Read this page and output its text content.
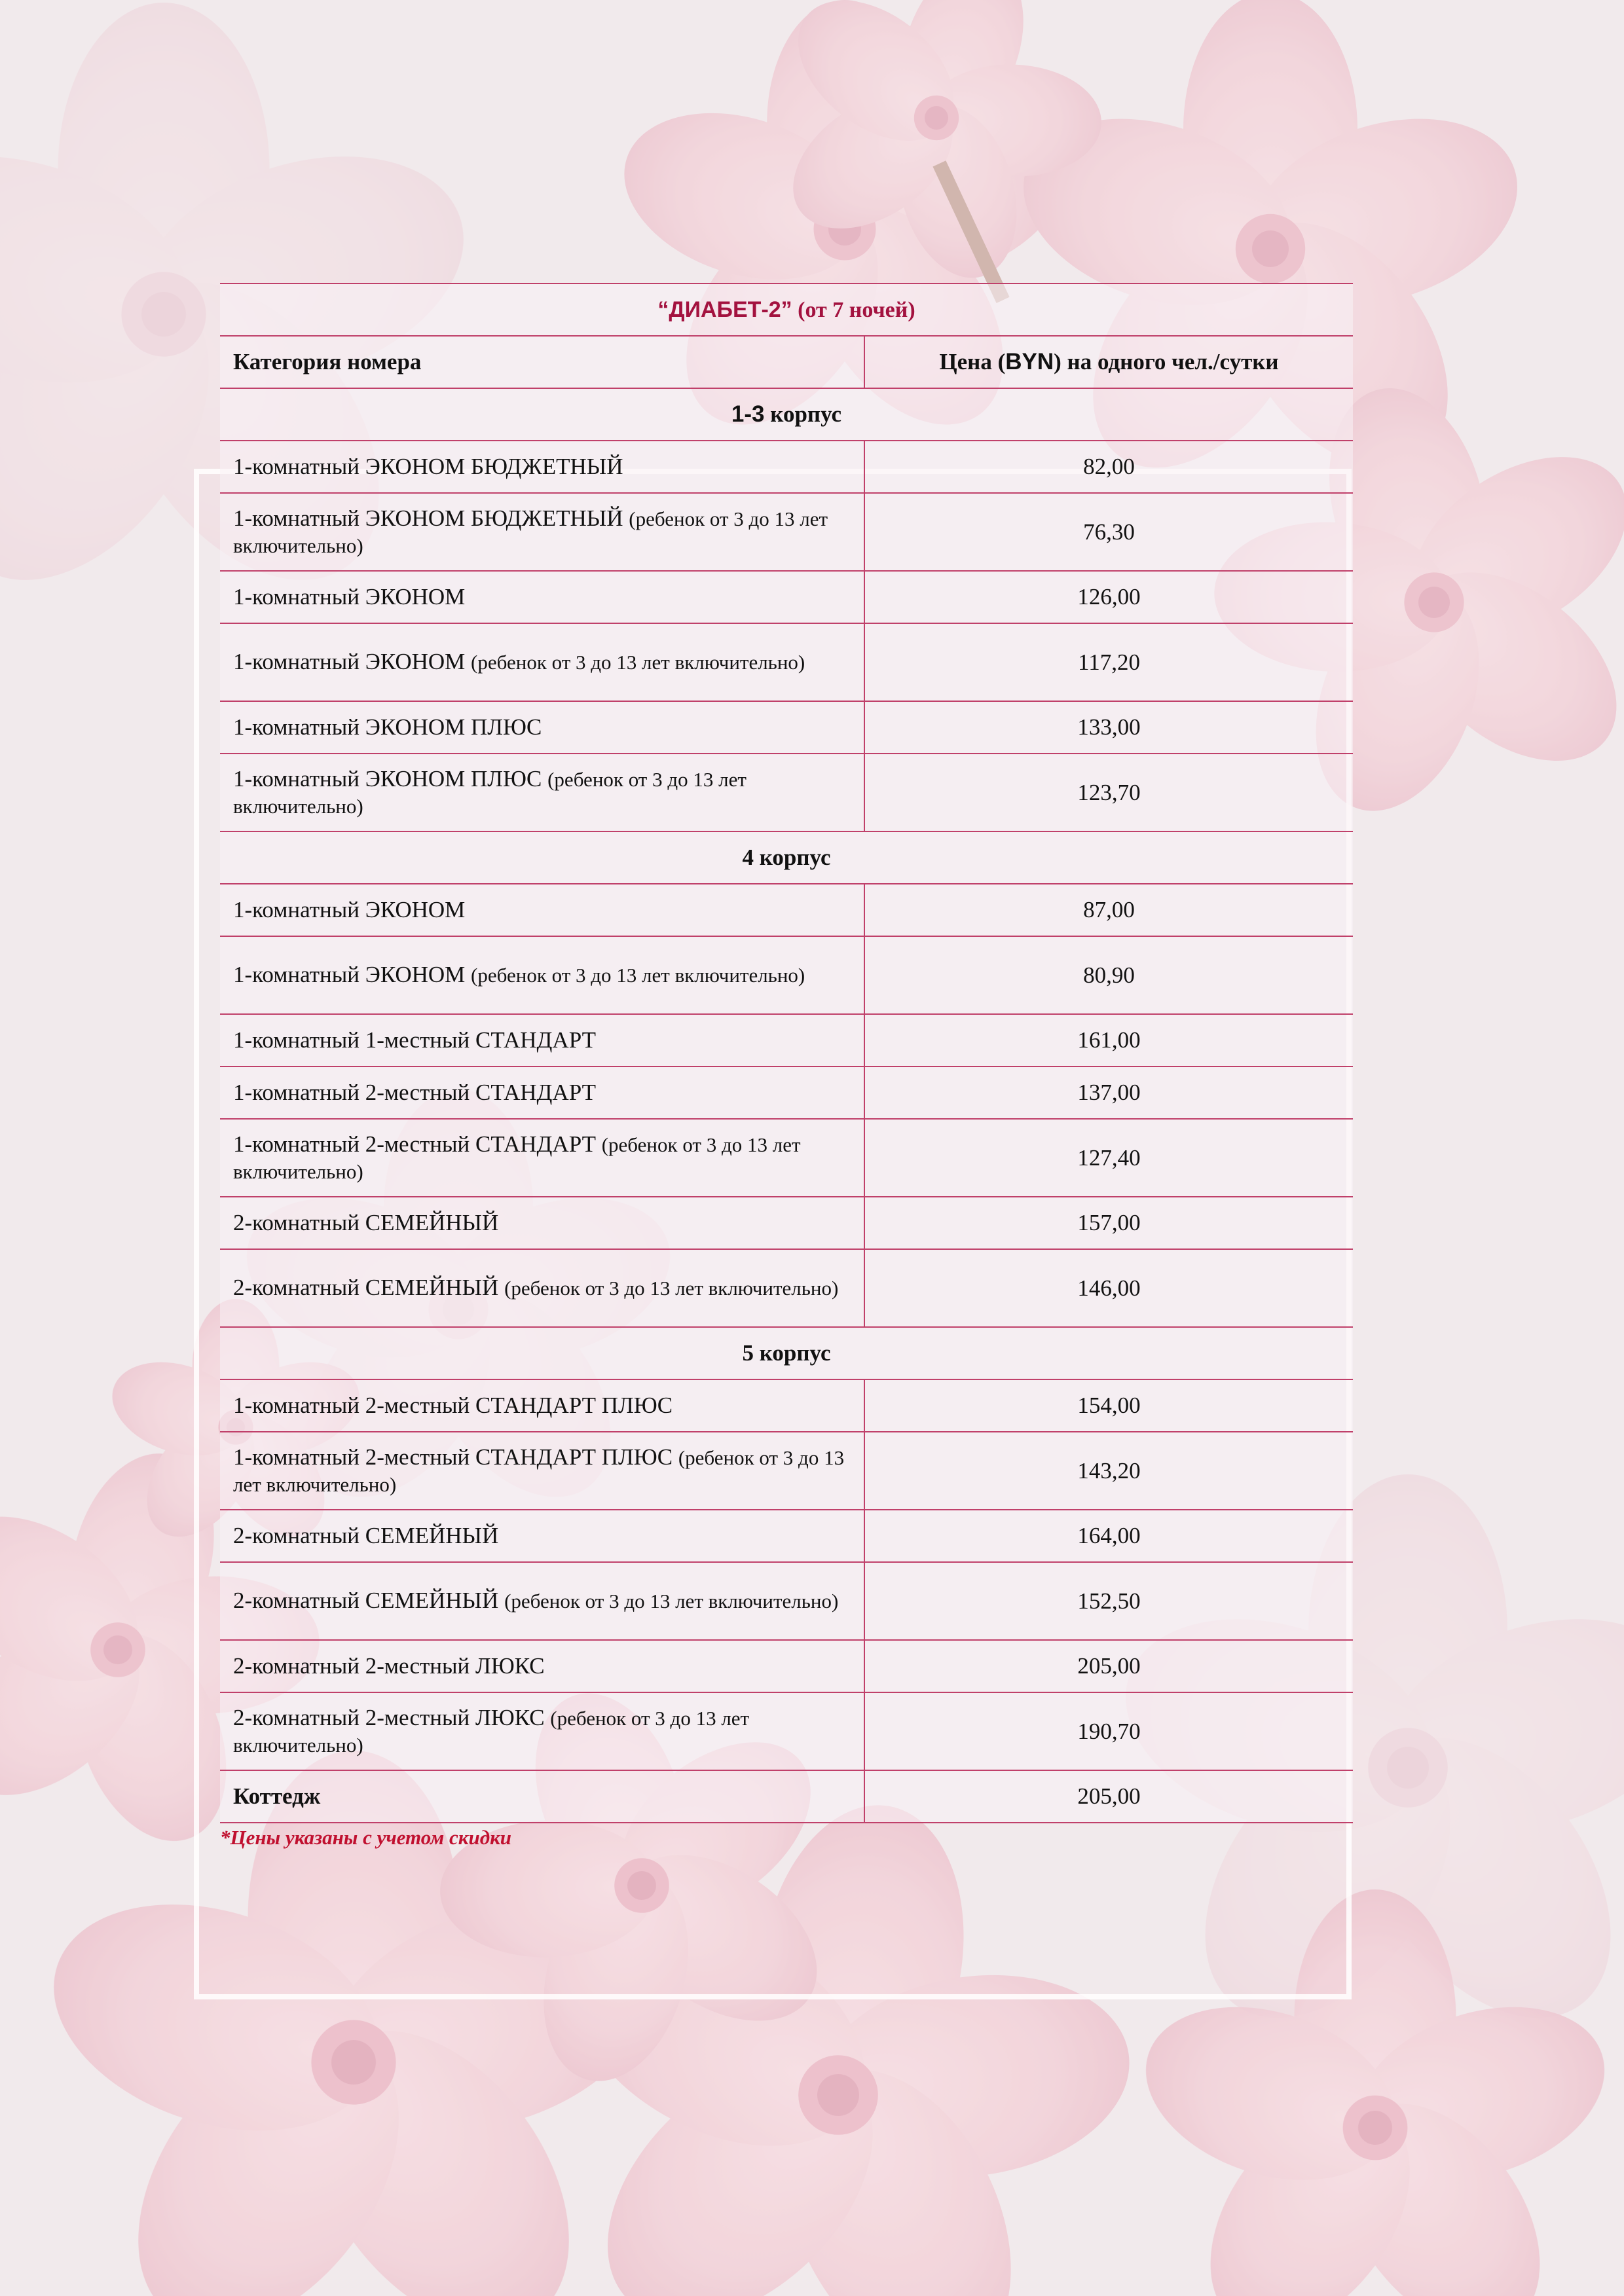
“ДИАБЕТ-2” (от 7 ночей)	
Категория номера	Цена (BYN) на одного чел./сутки
1-3 корпус	
1-комнатный ЭКОНОМ БЮДЖЕТНЫЙ	82,00
1-комнатный ЭКОНОМ БЮДЖЕТНЫЙ (ребенок от 3 до 13 лет включительно)	76,30
1-комнатный ЭКОНОМ	126,00
1-комнатный ЭКОНОМ (ребенок от 3 до 13 лет включительно)	117,20
1-комнатный ЭКОНОМ ПЛЮС	133,00
1-комнатный ЭКОНОМ ПЛЮС (ребенок от 3 до 13 лет включительно)	123,70
4 корпус	
1-комнатный ЭКОНОМ	87,00
1-комнатный ЭКОНОМ (ребенок от 3 до 13 лет включительно)	80,90
1-комнатный 1-местный СТАНДАРТ	161,00
1-комнатный 2-местный СТАНДАРТ	137,00
1-комнатный 2-местный СТАНДАРТ (ребенок от 3 до 13 лет включительно)	127,40
2-комнатный СЕМЕЙНЫЙ	157,00
2-комнатный СЕМЕЙНЫЙ (ребенок от 3 до 13 лет включительно)	146,00
5 корпус	
1-комнатный 2-местный СТАНДАРТ ПЛЮС	154,00
1-комнатный 2-местный СТАНДАРТ ПЛЮС (ребенок от 3 до 13 лет включительно)	143,20
2-комнатный СЕМЕЙНЫЙ	164,00
2-комнатный СЕМЕЙНЫЙ (ребенок от 3 до 13 лет включительно)	152,50
2-комнатный 2-местный ЛЮКС	205,00
2-комнатный 2-местный ЛЮКС (ребенок от 3 до 13 лет включительно)	190,70
Коттедж	205,00
*Цены указаны с учетом скидки
